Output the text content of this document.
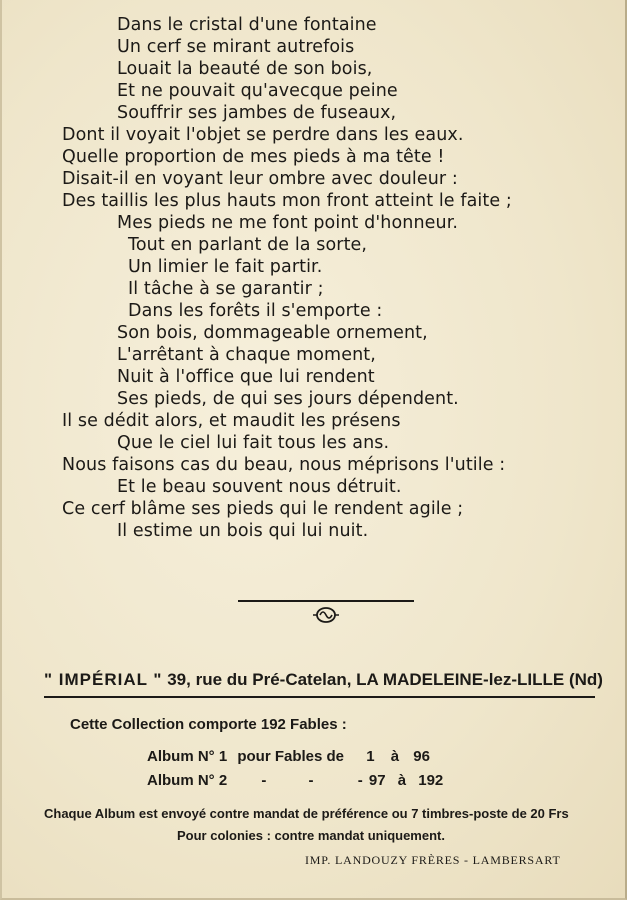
Dans le cristal d'une fontaine
Un cerf se mirant autrefois
Louait la beauté de son bois,
Et ne pouvait qu'avecque peine
Souffrir ses jambes de fuseaux,
Dont il voyait l'objet se perdre dans les eaux.
Quelle proportion de mes pieds à ma tête !
Disait-il en voyant leur ombre avec douleur :
Des taillis les plus hauts mon front atteint le faite ;
Mes pieds ne me font point d'honneur.
Tout en parlant de la sorte,
Un limier le fait partir.
Il tâche à se garantir ;
Dans les forêts il s'emporte :
Son bois, dommageable ornement,
L'arrêtant à chaque moment,
Nuit à l'office que lui rendent
Ses pieds, de qui ses jours dépendent.
Il se dédit alors, et maudit les présens
Que le ciel lui fait tous les ans.
Nous faisons cas du beau, nous méprisons l'utile :
Et le beau souvent nous détruit.
Ce cerf blâme ses pieds qui le rendent agile ;
Il estime un bois qui lui nuit.
" IMPÉRIAL " 39, rue du Pré-Catelan, LA MADELEINE-lez-LILLE (Nd)
Cette Collection comporte 192 Fables :
Album N° 1 pour Fables de 1 à 96
Album N° 2 -	-	- 97 à 192
Chaque Album est envoyé contre mandat de préférence ou 7 timbres-poste de 20 Frs
Pour colonies : contre mandat uniquement.
IMP. LANDOUZY FRÈRES - LAMBERSART
